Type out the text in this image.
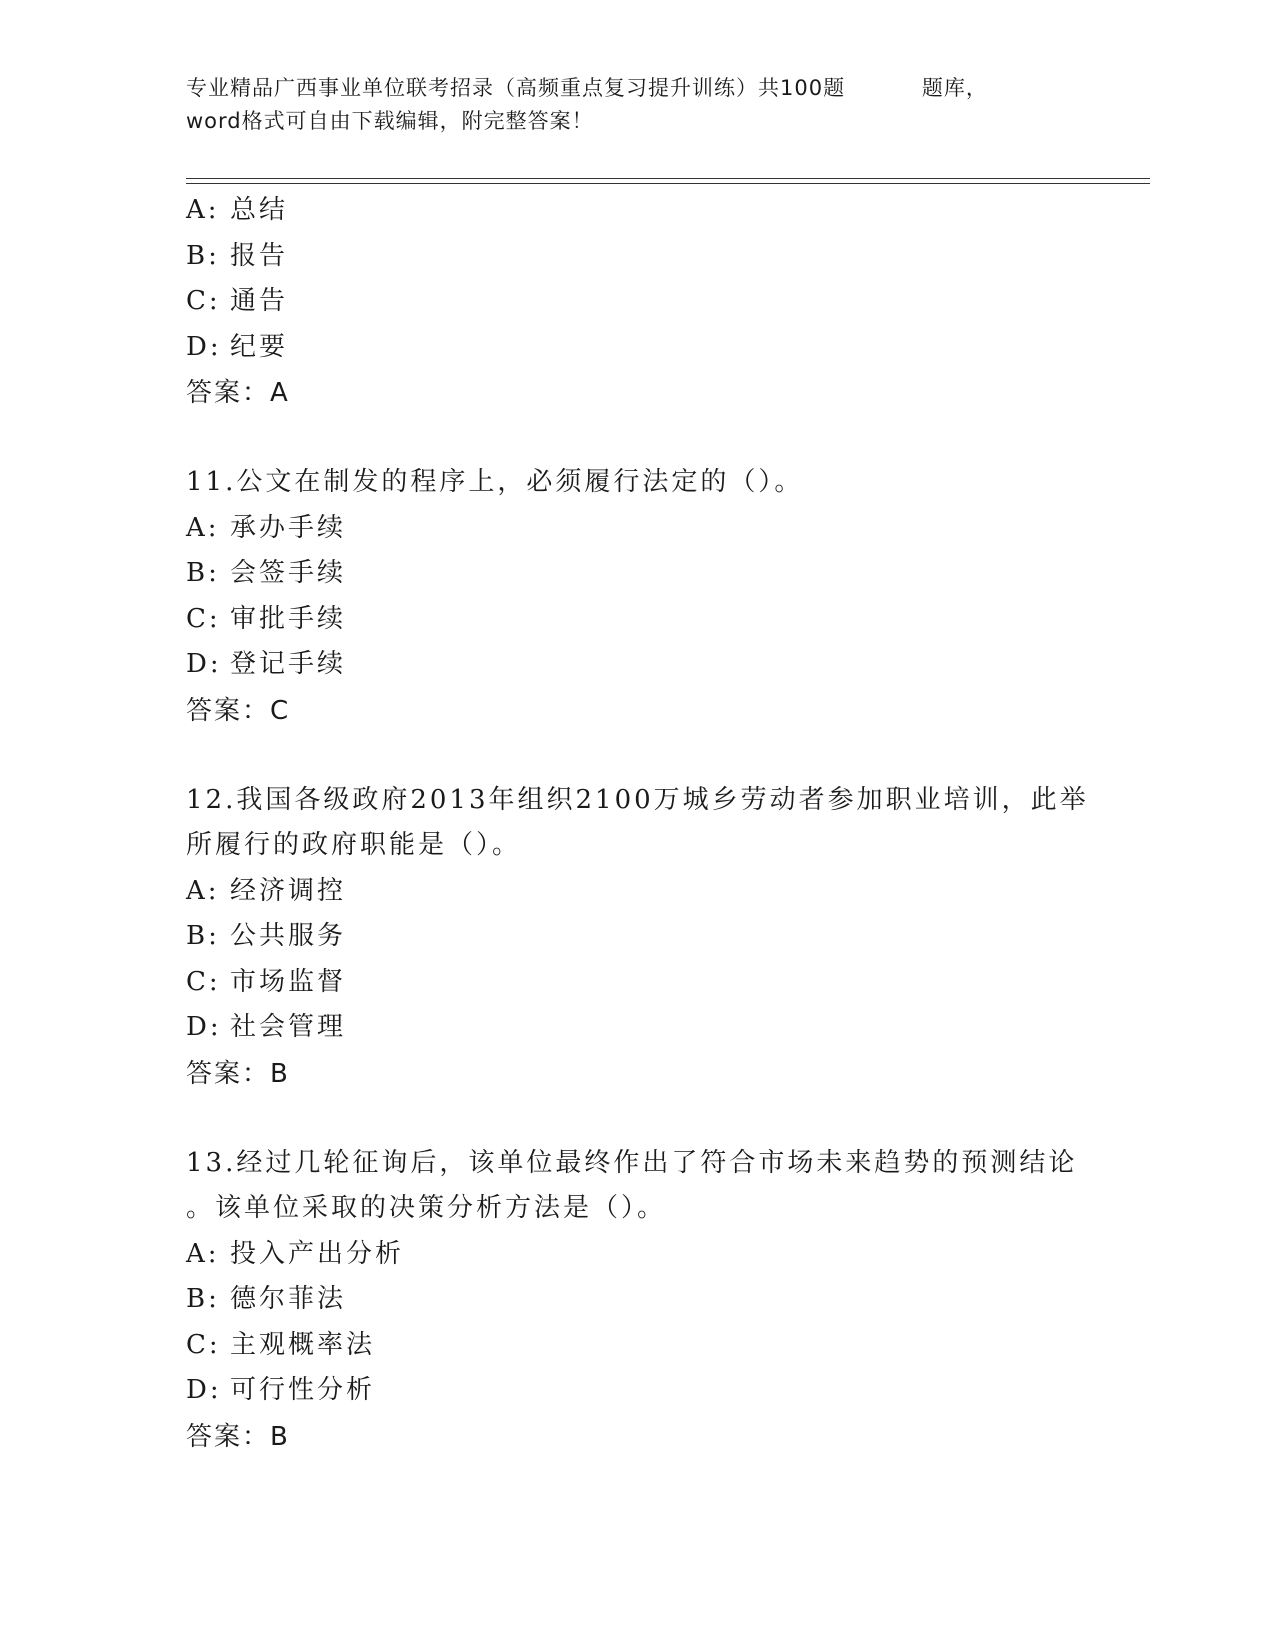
专业精品广西事业单位联考招录（高频重点复习提升训练）共100题          题库，
word格式可自由下载编辑，附完整答案！
A: 总结
B: 报告
C: 通告
D: 纪要
答案：A
11.公文在制发的程序上，必须履行法定的（）。
A: 承办手续
B: 会签手续
C: 审批手续
D: 登记手续
答案：C
12.我国各级政府2013年组织2100万城乡劳动者参加职业培训，此举
所履行的政府职能是（）。
A: 经济调控
B: 公共服务
C: 市场监督
D: 社会管理
答案：B
13.经过几轮征询后，该单位最终作出了符合市场未来趋势的预测结论
。该单位采取的决策分析方法是（）。
A: 投入产出分析
B: 德尔菲法
C: 主观概率法
D: 可行性分析
答案：B
